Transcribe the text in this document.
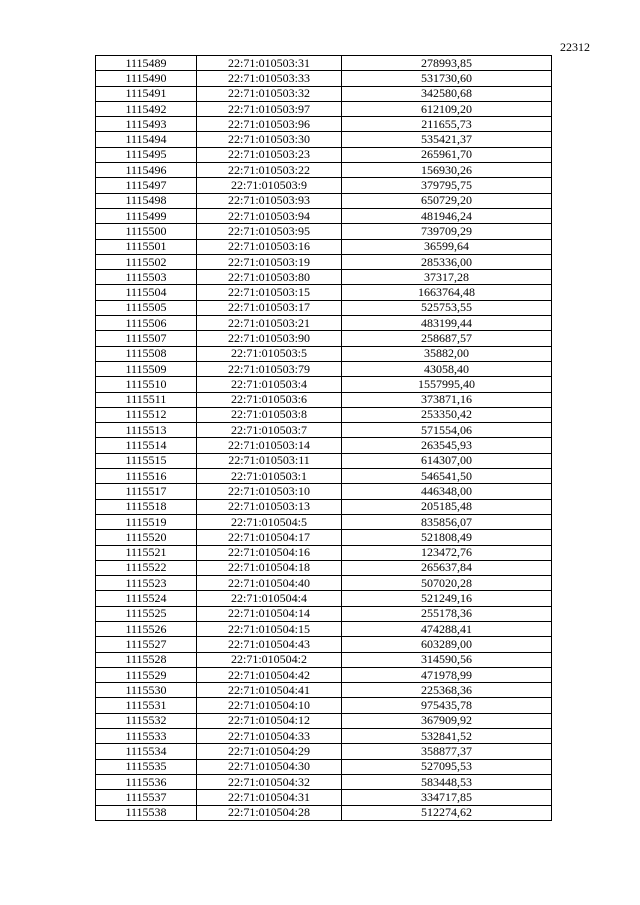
22312
1115489	22:71:010503:31	278993,85
1115490	22:71:010503:33	531730,60
1115491	22:71:010503:32	342580,68
1115492	22:71:010503:97	612109,20
1115493	22:71:010503:96	211655,73
1115494	22:71:010503:30	535421,37
1115495	22:71:010503:23	265961,70
1115496	22:71:010503:22	156930,26
1115497	22:71:010503:9	379795,75
1115498	22:71:010503:93	650729,20
1115499	22:71:010503:94	481946,24
1115500	22:71:010503:95	739709,29
1115501	22:71:010503:16	36599,64
1115502	22:71:010503:19	285336,00
1115503	22:71:010503:80	37317,28
1115504	22:71:010503:15	1663764,48
1115505	22:71:010503:17	525753,55
1115506	22:71:010503:21	483199,44
1115507	22:71:010503:90	258687,57
1115508	22:71:010503:5	35882,00
1115509	22:71:010503:79	43058,40
1115510	22:71:010503:4	1557995,40
1115511	22:71:010503:6	373871,16
1115512	22:71:010503:8	253350,42
1115513	22:71:010503:7	571554,06
1115514	22:71:010503:14	263545,93
1115515	22:71:010503:11	614307,00
1115516	22:71:010503:1	546541,50
1115517	22:71:010503:10	446348,00
1115518	22:71:010503:13	205185,48
1115519	22:71:010504:5	835856,07
1115520	22:71:010504:17	521808,49
1115521	22:71:010504:16	123472,76
1115522	22:71:010504:18	265637,84
1115523	22:71:010504:40	507020,28
1115524	22:71:010504:4	521249,16
1115525	22:71:010504:14	255178,36
1115526	22:71:010504:15	474288,41
1115527	22:71:010504:43	603289,00
1115528	22:71:010504:2	314590,56
1115529	22:71:010504:42	471978,99
1115530	22:71:010504:41	225368,36
1115531	22:71:010504:10	975435,78
1115532	22:71:010504:12	367909,92
1115533	22:71:010504:33	532841,52
1115534	22:71:010504:29	358877,37
1115535	22:71:010504:30	527095,53
1115536	22:71:010504:32	583448,53
1115537	22:71:010504:31	334717,85
1115538	22:71:010504:28	512274,62
